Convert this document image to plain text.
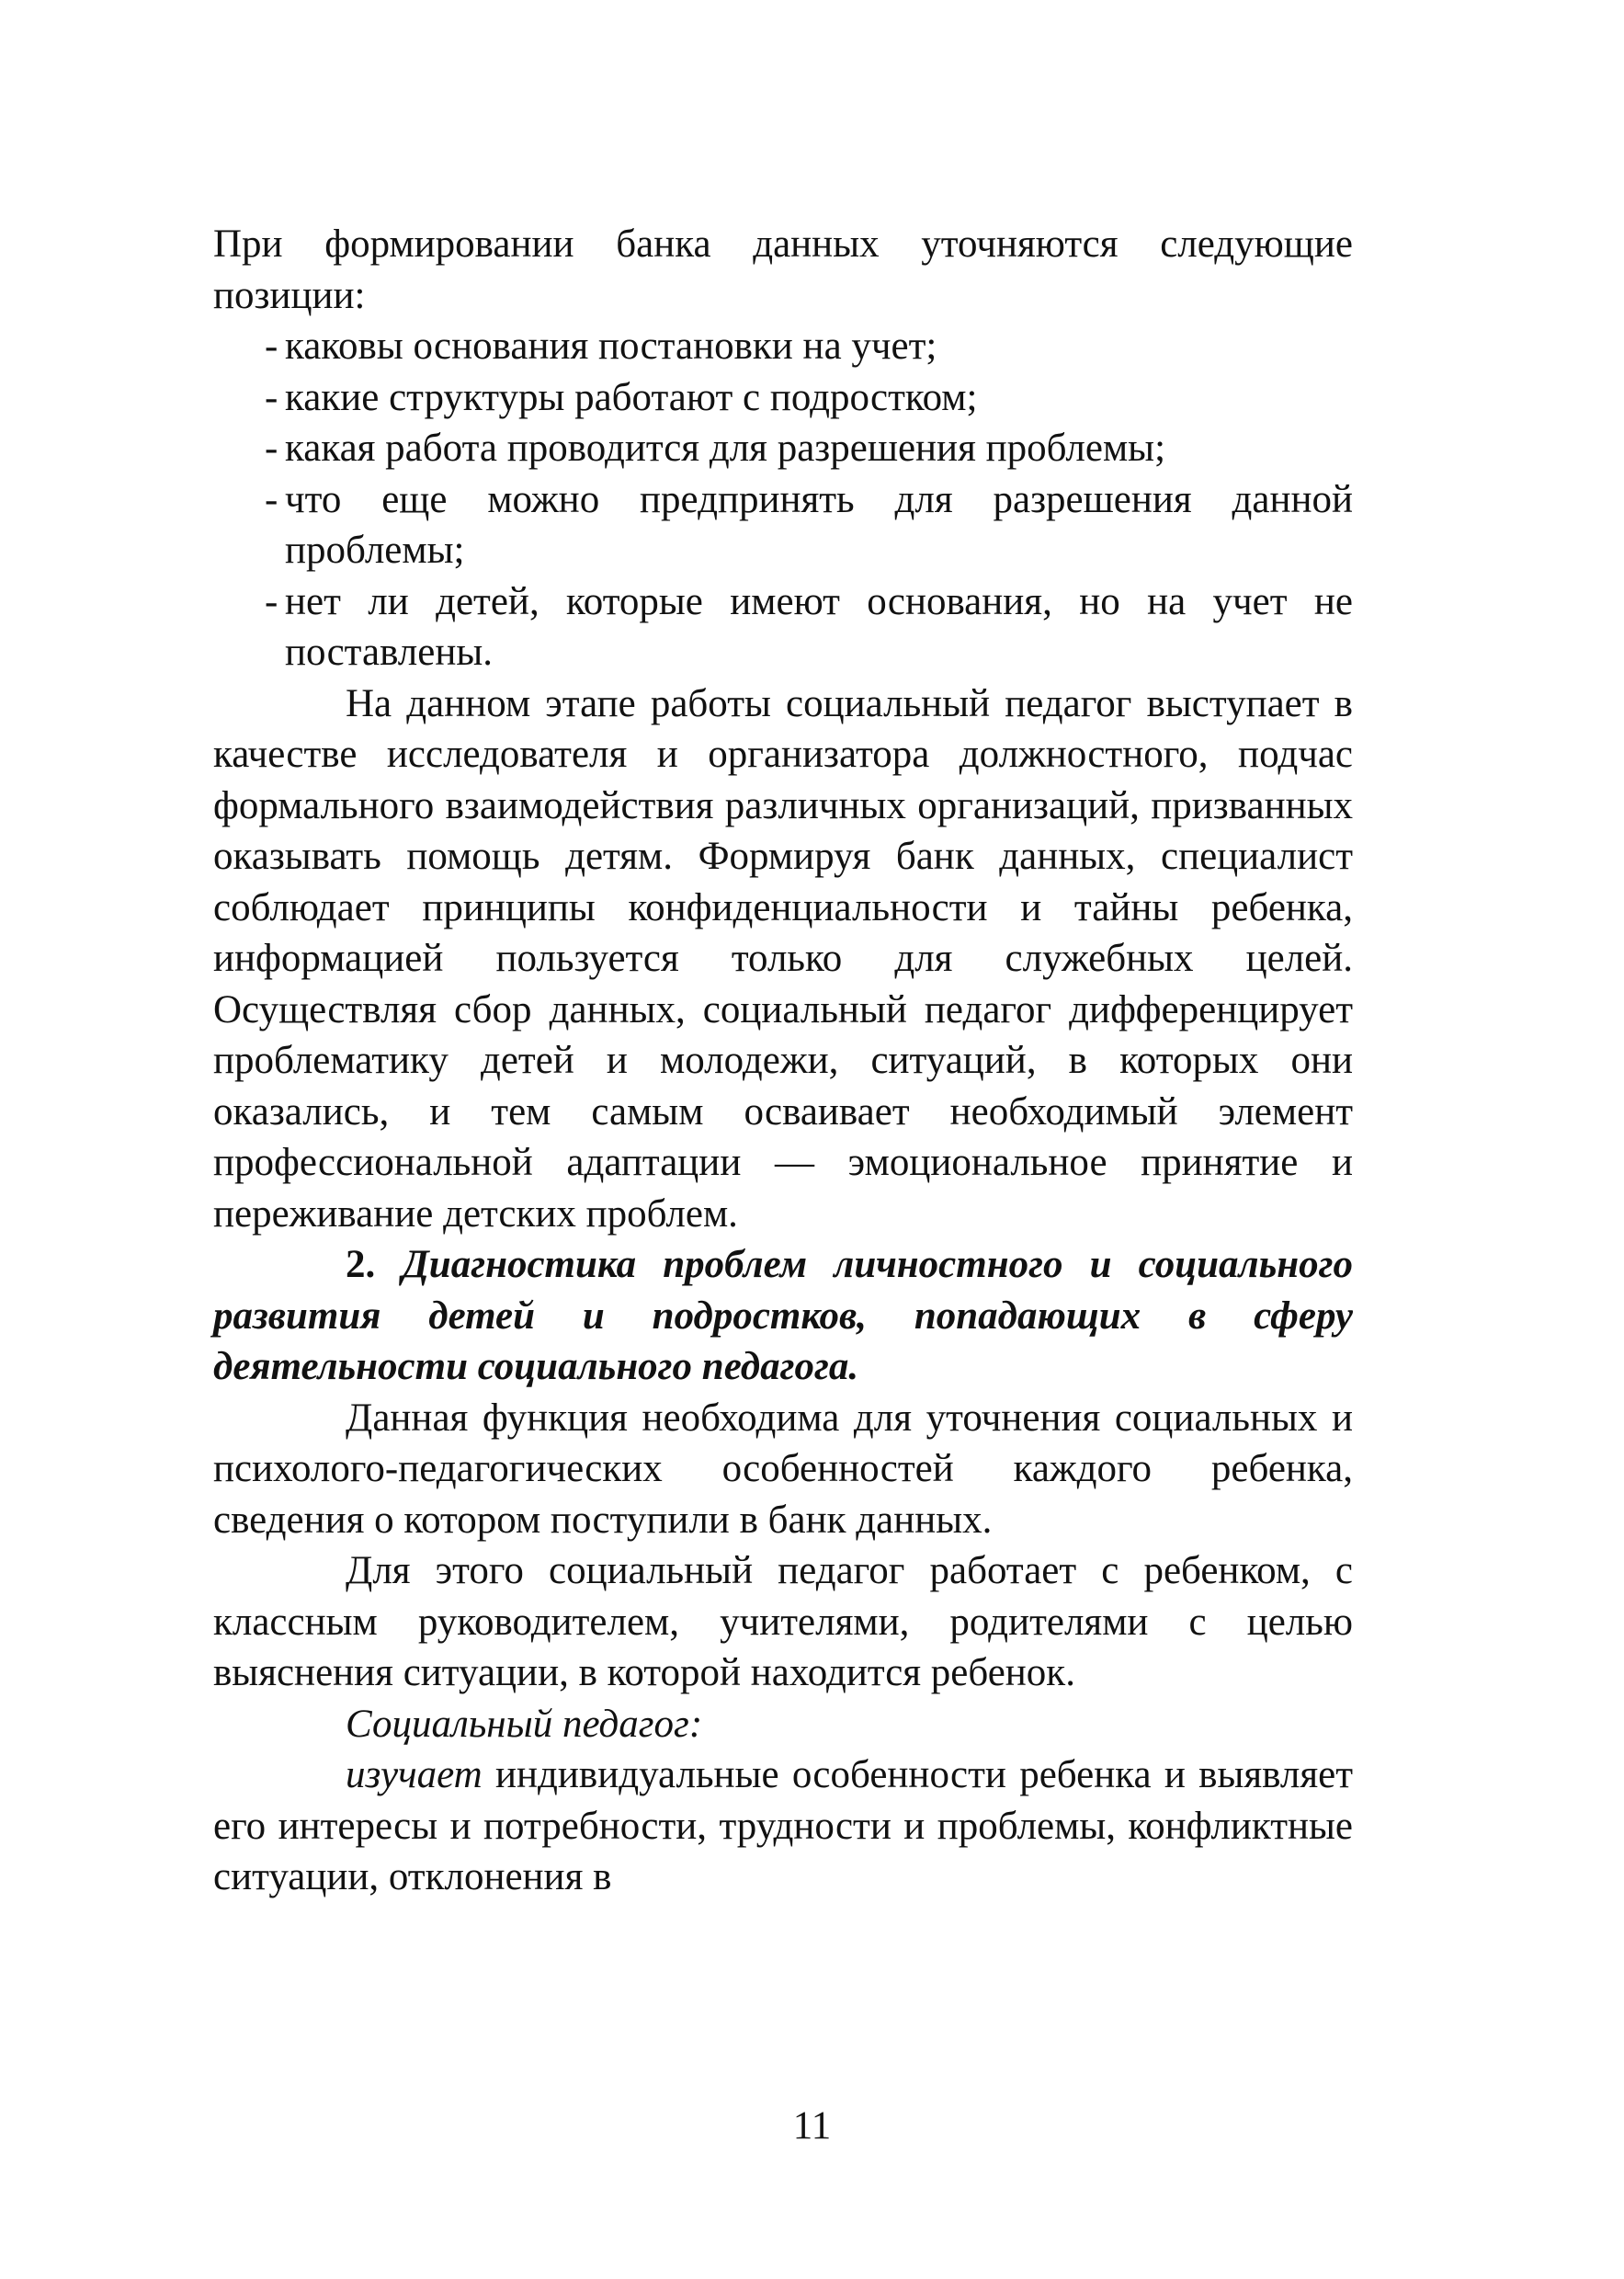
При формировании банка данных уточняются следующие позиции:

- каковы основания постановки на учет;
- какие структуры работают с подростком;
- какая работа проводится для разрешения проблемы;
- что еще можно предпринять для разрешения данной проблемы;
- нет ли детей, которые имеют основания, но на учет не поставлены.

На данном этапе работы социальный педагог выступает в качестве исследователя и организатора должностного, подчас формального взаимодействия различных организаций, призванных оказывать помощь детям. Формируя банк данных, специалист соблюдает принципы конфиденциальности и тайны ребенка, информацией пользуется только для служебных целей. Осуществляя сбор данных, социальный педагог дифференцирует проблематику детей и молодежи, ситуаций, в которых они оказались, и тем самым осваивает необходимый элемент профессиональной адаптации — эмоциональное принятие и переживание детских проблем.

2. Диагностика проблем личностного и социального развития детей и подростков, попадающих в сферу деятельности социального педагога.

Данная функция необходима для уточнения социальных и психолого-педагогических особенностей каждого ребенка, сведения о котором поступили в банк данных.

Для этого социальный педагог работает с ребенком, с классным руководителем, учителями, родителями с целью выяснения ситуации, в которой находится ребенок.

Социальный педагог:

изучает индивидуальные особенности ребенка и выявляет его интересы и потребности, трудности и проблемы, конфликтные ситуации, отклонения в

11
